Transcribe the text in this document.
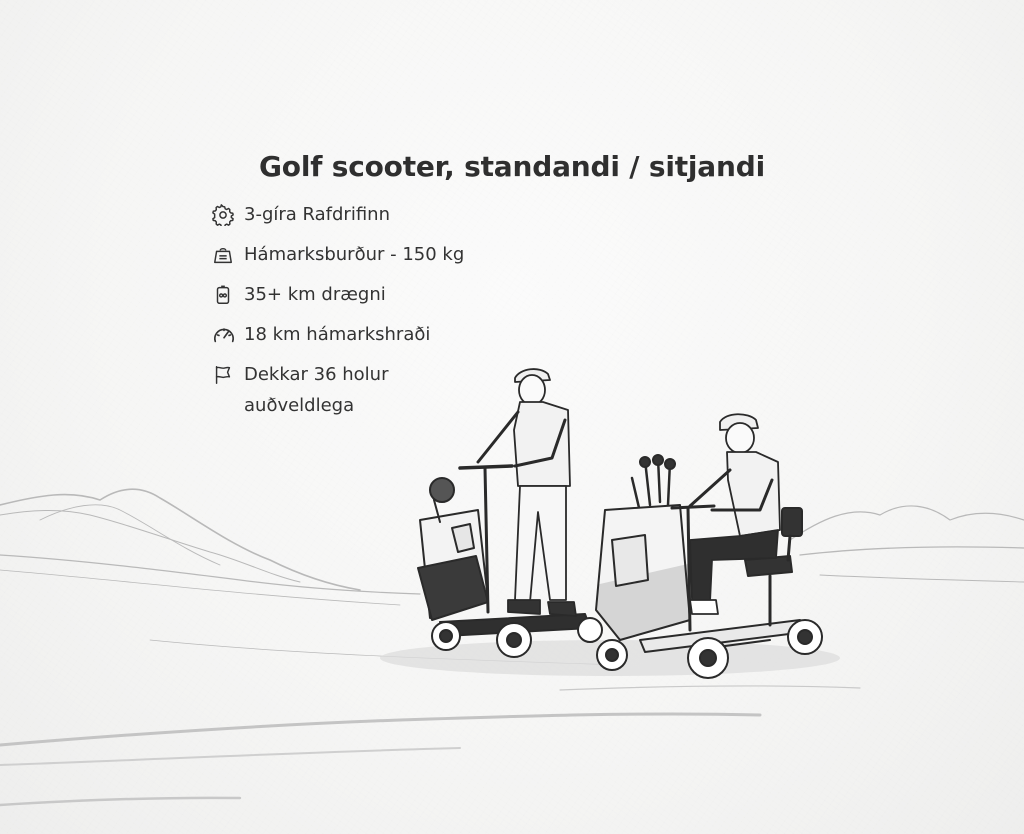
Golf scooter, standandi / sitjandi
3-gíra Rafdrifinn
Hámarksburður - 150 kg
35+ km drægni
18 km hámarkshraði
Dekkar 36 holur
auðveldlega
